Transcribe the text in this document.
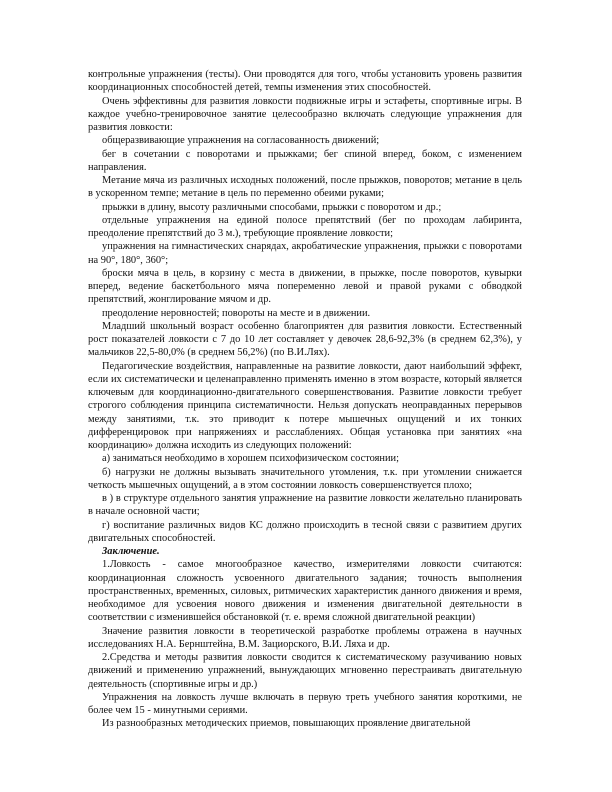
контрольные упражнения (тесты). Они проводятся для того, чтобы установить уровень развития координационных способностей детей, темпы изменения этих способностей.

Очень эффективны для развития ловкости подвижные игры и эстафеты, спортивные игры. В каждое учебно-тренировочное занятие целесообразно включать следующие упражнения для развития ловкости:

общеразвивающие упражнения на согласованность движений;

бег в сочетании с поворотами и прыжками; бег спиной вперед, боком, с изменением направления.

Метание мяча из различных исходных положений, после прыжков, поворотов; метание в цель в ускоренном темпе; метание в цель по переменно обеими руками;

прыжки в длину, высоту различными способами, прыжки с поворотом и др.;

отдельные упражнения на единой полосе препятствий (бег по проходам лабиринта, преодоление препятствий до 3 м.), требующие проявление ловкости;

упражнения на гимнастических снарядах, акробатические упражнения, прыжки с поворотами на 90°, 180°, 360°;

броски мяча в цель, в корзину с места в движении, в прыжке, после поворотов, кувырки вперед, ведение баскетбольного мяча попеременно левой и правой руками с обводкой препятствий, жонглирование мячом и др.

преодоление неровностей; повороты на месте и в движении.

Младший школьный возраст особенно благоприятен для развития ловкости. Естественный рост показателей ловкости с 7 до 10 лет составляет у девочек 28,6-92,3% (в среднем 62,3%), у мальчиков 22,5-80,0% (в среднем 56,2%) (по В.И.Лях).

Педагогические воздействия, направленные на развитие ловкости, дают наибольший эффект, если их систематически и целенаправленно применять именно в этом возрасте, который является ключевым для координационно-двигательного совершенствования. Развитие ловкости требует строгого соблюдения принципа систематичности. Нельзя допускать неоправданных перерывов между занятиями, т.к. это приводит к потере мышечных ощущений и их тонких дифференцировок при напряжениях и расслаблениях. Общая установка при занятиях «на координацию» должна исходить из следующих положений:

а) заниматься необходимо в хорошем психофизическом состоянии;

б) нагрузки не должны вызывать значительного утомления, т.к. при утомлении снижается четкость мышечных ощущений, а в этом состоянии ловкость совершенствуется плохо;

в ) в структуре отдельного занятия упражнение на развитие ловкости желательно планировать в начале основной части;

г) воспитание различных видов КС должно происходить в тесной связи с развитием других двигательных способностей.

Заключение.

1.Ловкость - самое многообразное качество, измерителями ловкости считаются: координационная сложность усвоенного двигательного задания; точность выполнения пространственных, временных, силовых, ритмических характеристик данного движения и время, необходимое для усвоения нового движения и изменения двигательной деятельности в соответствии с изменившейся обстановкой (т. е. время сложной двигательной реакции)

Значение развития ловкости в теоретической разработке проблемы отражена в научных исследованиях Н.А. Бернштейна, В.М. Зациорского, В.И. Ляха и др.

2.Средства и методы развития ловкости сводится к систематическому разучиванию новых движений и применению упражнений, вынуждающих мгновенно перестраивать двигательную деятельность (спортивные игры и др.)

Упражнения на ловкость лучше включать в первую треть учебного занятия короткими, не более чем 15 - минутными сериями.

Из разнообразных методических приемов, повышающих проявление двигательной
